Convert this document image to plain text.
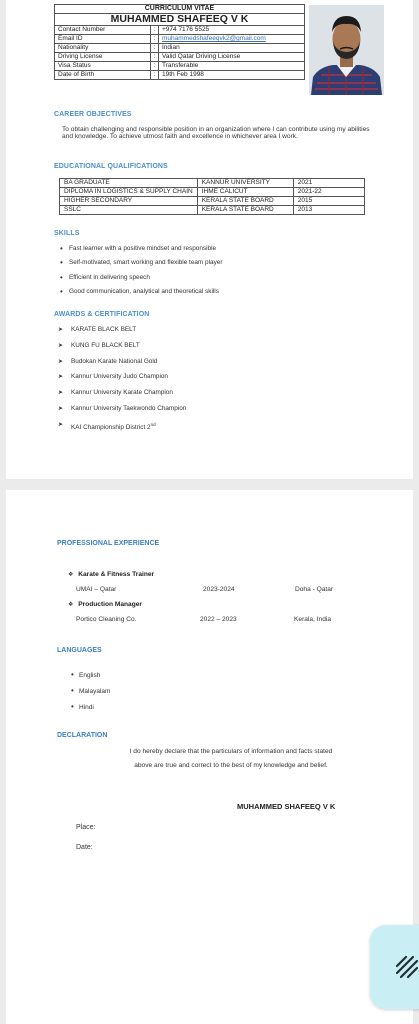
CURRICULUM VITAE		
MUHAMMED SHAFEEQ V K		
Contact Number	:	+974 7176 5525
Email ID	:	muhammedshafeeqvk2@gmail.com
Nationality	:	Indian
Driving License	:	Valid Qatar Driving License
Visa Status	:	Transferable
Date of Birth	:	19th Feb 1998
CAREER OBJECTIVES
To obtain challenging and responsible position in an organization where I can contribute using my abilities and knowledge. To achieve utmost faith and excellence in whichever area I work.
EDUCATIONAL QUALIFICATIONS
BA GRADUATE	KANNUR UNIVERSITY	2021
DIPLOMA IN LOGISTICS & SUPPLY CHAIN	IHME CALICUT	2021-22
HIGHER SECONDARY	KERALA STATE BOARD	2015
SSLC	KERALA STATE BOARD	2013
SKILLS
• Fast learner with a positive mindset and responsible
• Self-motivated, smart working and flexible team player
• Efficient in delivering speech
• Good communication, analytical and theoretical skills
AWARDS & CERTIFICATION
➤ KARATE BLACK BELT
➤ KUNG FU BLACK BELT
➤ Budokan Karate National Gold
➤ Kannur University Judo Champion
➤ Kannur University Karate Champion
➤ Kannur University Taekwondo Champion
➤ KAI Championship District 2nd
PROFESSIONAL EXPERIENCE
❖ Karate & Fitness Trainer
UMAI – Qatar	2023-2024	Doha - Qatar
❖ Production Manager
Portico Cleaning Co.	2022 – 2023	Kerala, India
LANGUAGES
• English
• Malayalam
• Hindi
DECLARATION
I do hereby declare that the particulars of information and facts stated
above are true and correct to the best of my knowledge and belief.
MUHAMMED SHAFEEQ V K
Place:
Date:
